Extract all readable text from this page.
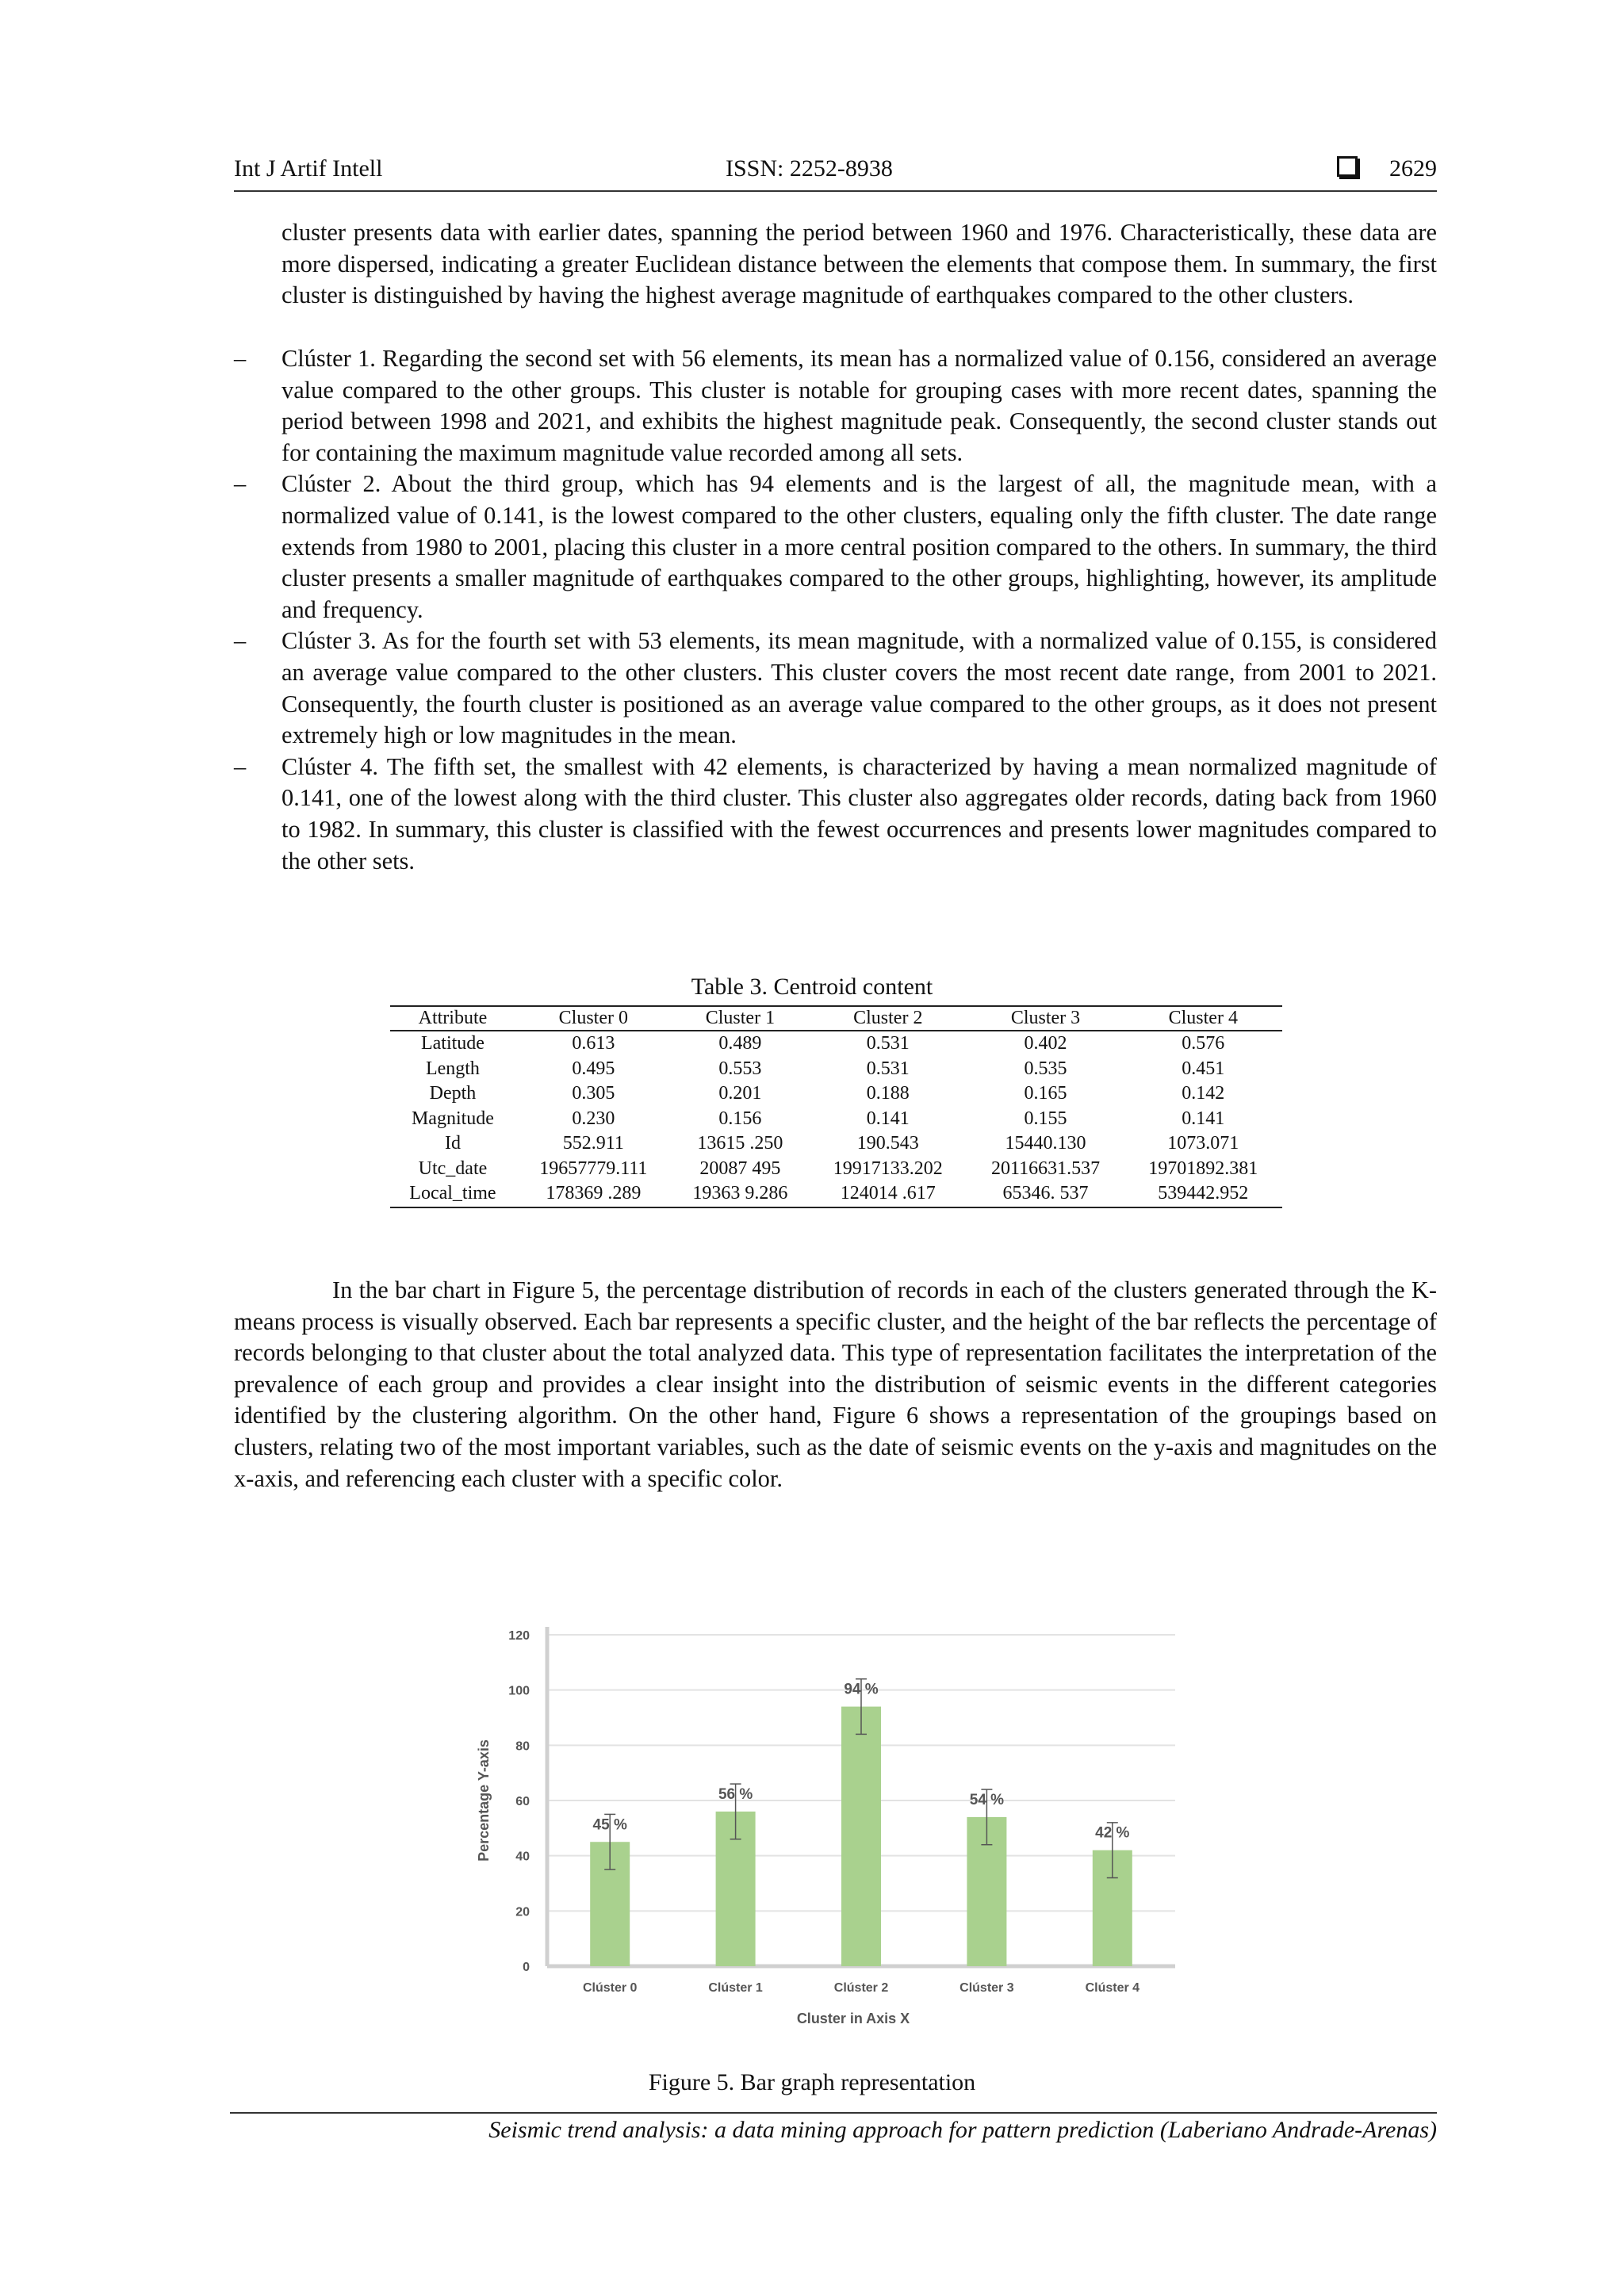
Int J Artif Intell	ISSN: 2252-8938	2629

cluster presents data with earlier dates, spanning the period between 1960 and 1976. Characteristically, these data are more dispersed, indicating a greater Euclidean distance between the elements that compose them. In summary, the first cluster is distinguished by having the highest average magnitude of earthquakes compared to the other clusters.

– Clúster 1. Regarding the second set with 56 elements, its mean has a normalized value of 0.156, considered an average value compared to the other groups. This cluster is notable for grouping cases with more recent dates, spanning the period between 1998 and 2021, and exhibits the highest magnitude peak. Consequently, the second cluster stands out for containing the maximum magnitude value recorded among all sets.

– Clúster 2. About the third group, which has 94 elements and is the largest of all, the magnitude mean, with a normalized value of 0.141, is the lowest compared to the other clusters, equaling only the fifth cluster. The date range extends from 1980 to 2001, placing this cluster in a more central position compared to the others. In summary, the third cluster presents a smaller magnitude of earthquakes compared to the other groups, highlighting, however, its amplitude and frequency.

– Clúster 3. As for the fourth set with 53 elements, its mean magnitude, with a normalized value of 0.155, is considered an average value compared to the other clusters. This cluster covers the most recent date range, from 2001 to 2021. Consequently, the fourth cluster is positioned as an average value compared to the other groups, as it does not present extremely high or low magnitudes in the mean.

– Clúster 4. The fifth set, the smallest with 42 elements, is characterized by having a mean normalized magnitude of 0.141, one of the lowest along with the third cluster. This cluster also aggregates older records, dating back from 1960 to 1982. In summary, this cluster is classified with the fewest occurrences and presents lower magnitudes compared to the other sets.

Table 3. Centroid content
Attribute	Cluster 0	Cluster 1	Cluster 2	Cluster 3	Cluster 4
Latitude	0.613	0.489	0.531	0.402	0.576
Length	0.495	0.553	0.531	0.535	0.451
Depth	0.305	0.201	0.188	0.165	0.142
Magnitude	0.230	0.156	0.141	0.155	0.141
Id	552.911	13615 .250	190.543	15440.130	1073.071
Utc_date	19657779.111	20087 495	19917133.202	20116631.537	19701892.381
Local_time	178369 .289	19363 9.286	124014 .617	65346. 537	539442.952

In the bar chart in Figure 5, the percentage distribution of records in each of the clusters generated through the K-means process is visually observed. Each bar represents a specific cluster, and the height of the bar reflects the percentage of records belonging to that cluster about the total analyzed data. This type of representation facilitates the interpretation of the prevalence of each group and provides a clear insight into the distribution of seismic events in the different categories identified by the clustering algorithm. On the other hand, Figure 6 shows a representation of the groupings based on clusters, relating two of the most important variables, such as the date of seismic events on the y-axis and magnitudes on the x-axis, and referencing each cluster with a specific color.

0
20
40
60
80
100
120
45 %
Clúster 0
56 %
Clúster 1
94 %
Clúster 2
54 %
Clúster 3
42 %
Clúster 4
Cluster in Axis X
Percentage Y-axis
Figure 5. Bar graph representation
Seismic trend analysis: a data mining approach for pattern prediction (Laberiano Andrade-Arenas)
